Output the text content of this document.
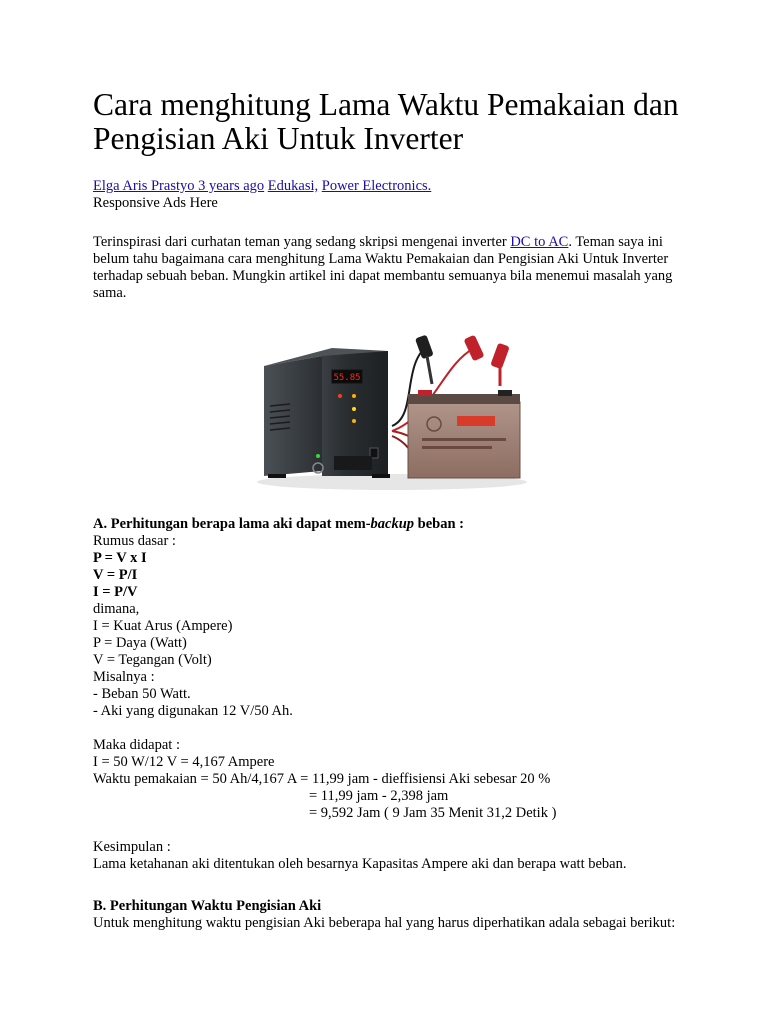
Cara menghitung Lama Waktu Pemakaian dan Pengisian Aki Untuk Inverter
Elga Aris Prastyo 3 years ago Edukasi, Power Electronics.
Responsive Ads Here
Terinspirasi dari curhatan teman yang sedang skripsi mengenai inverter DC to AC. Teman saya ini belum tahu bagaimana cara menghitung Lama Waktu Pemakaian dan Pengisian Aki Untuk Inverter terhadap sebuah beban. Mungkin artikel ini dapat membantu semuanya bila menemui masalah yang sama.
55.85
A. Perhitungan berapa lama aki dapat mem-backup beban :
Rumus dasar :
P = V x I
V = P/I
I = P/V
dimana,
I = Kuat Arus (Ampere)
P = Daya (Watt)
V = Tegangan (Volt)
Misalnya :
- Beban 50 Watt.
- Aki yang digunakan 12 V/50 Ah.
Maka didapat :
I = 50 W/12 V = 4,167 Ampere
Waktu pemakaian = 50 Ah/4,167 A = 11,99 jam - dieffisiensi Aki sebesar 20 %
= 11,99 jam - 2,398 jam
= 9,592 Jam ( 9 Jam 35 Menit 31,2 Detik )
Kesimpulan :
Lama ketahanan aki ditentukan oleh besarnya Kapasitas Ampere aki dan berapa watt beban.
B. Perhitungan Waktu Pengisian Aki
Untuk menghitung waktu pengisian Aki beberapa hal yang harus diperhatikan adala sebagai berikut:
